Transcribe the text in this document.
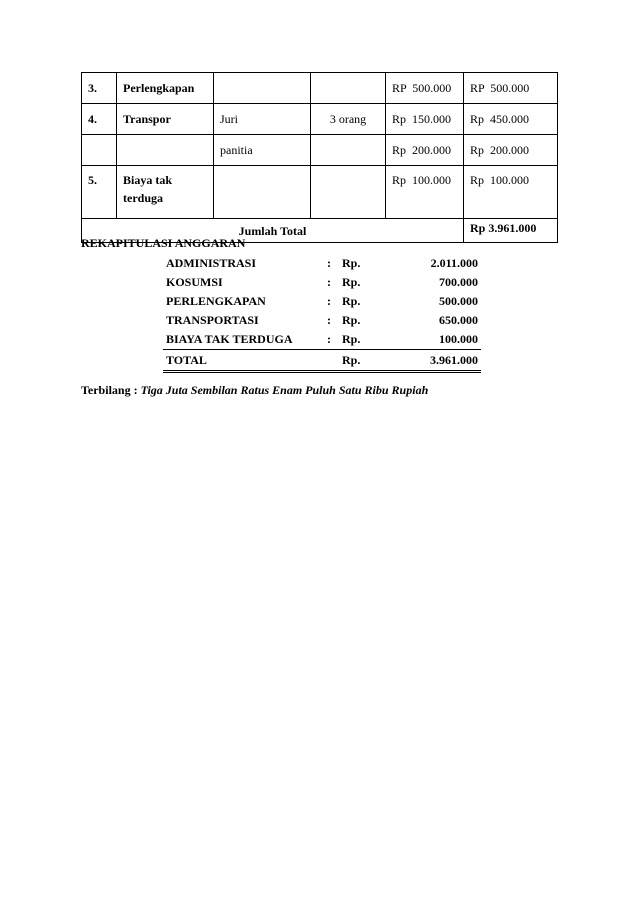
3.	Perlengkapan			RP  500.000	RP  500.000
4.	Transpor	Juri	3 orang	Rp  150.000	Rp  450.000
		panitia		Rp  200.000	Rp  200.000
5.	Biaya tak terduga			Rp  100.000	Rp  100.000
Jumlah Total					Rp 3.961.000
REKAPITULASI ANGGARAN
ADMINISTRASI	:	Rp.	2.011.000
KOSUMSI	:	Rp.	700.000
PERLENGKAPAN	:	Rp.	500.000
TRANSPORTASI	:	Rp.	650.000
BIAYA TAK TERDUGA	:	Rp.	100.000
TOTAL		Rp.	3.961.000
Terbilang : Tiga Juta Sembilan Ratus Enam Puluh Satu Ribu Rupiah
